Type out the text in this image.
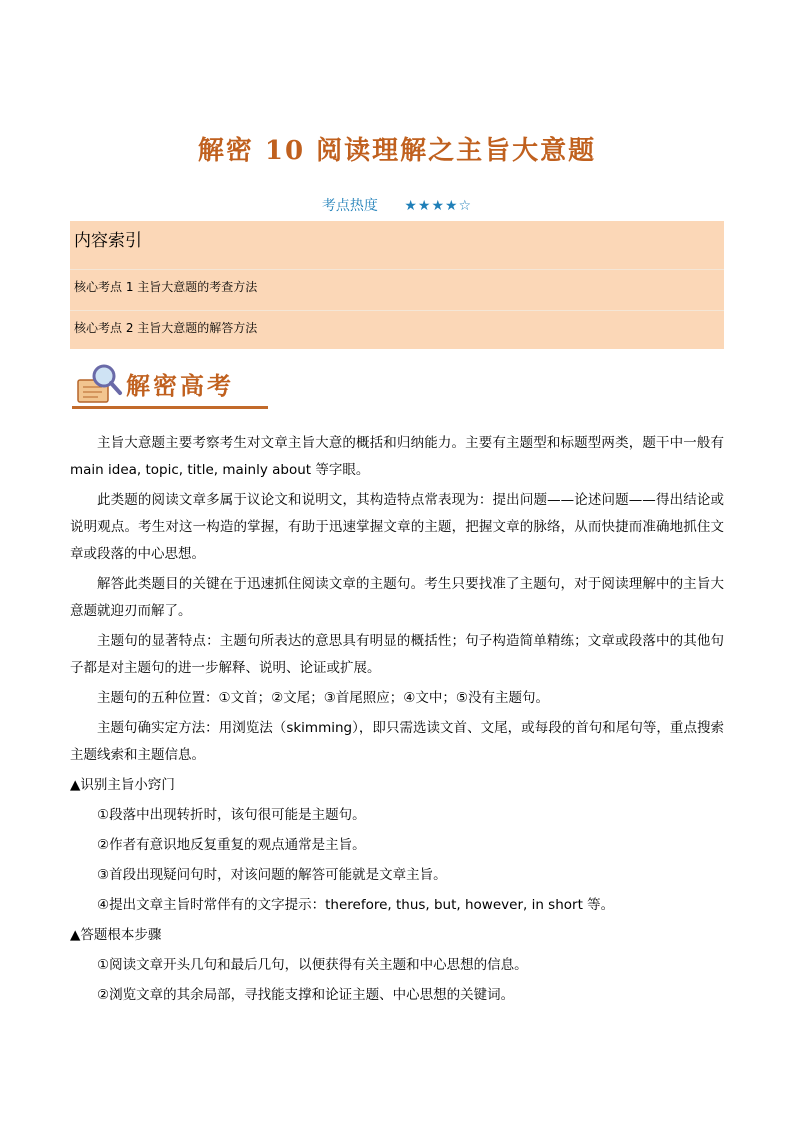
解密 10 阅读理解之主旨大意题
考点热度 ★★★★☆
内容索引
核心考点 1 主旨大意题的考查方法
核心考点 2 主旨大意题的解答方法
解密高考

主旨大意题主要考察考生对文章主旨大意的概括和归纳能力。主要有主题型和标题型两类，题干中一般有 main idea, topic, title, mainly about 等字眼。

此类题的阅读文章多属于议论文和说明文，其构造特点常表现为：提出问题——论述问题——得出结论或说明观点。考生对这一构造的掌握，有助于迅速掌握文章的主题，把握文章的脉络，从而快捷而准确地抓住文章或段落的中心思想。

解答此类题目的关键在于迅速抓住阅读文章的主题句。考生只要找准了主题句，对于阅读理解中的主旨大意题就迎刃而解了。

主题句的显著特点：主题句所表达的意思具有明显的概括性；句子构造简单精练；文章或段落中的其他句子都是对主题句的进一步解释、说明、论证或扩展。

主题句的五种位置：①文首；②文尾；③首尾照应；④文中；⑤没有主题句。

主题句确实定方法：用浏览法（skimming），即只需选读文首、文尾，或每段的首句和尾句等，重点搜索主题线索和主题信息。

▲识别主旨小窍门

①段落中出现转折时，该句很可能是主题句。

②作者有意识地反复重复的观点通常是主旨。

③首段出现疑问句时，对该问题的解答可能就是文章主旨。

④提出文章主旨时常伴有的文字提示：therefore, thus, but, however, in short 等。

▲答题根本步骤

①阅读文章开头几句和最后几句，以便获得有关主题和中心思想的信息。

②浏览文章的其余局部，寻找能支撑和论证主题、中心思想的关键词。
